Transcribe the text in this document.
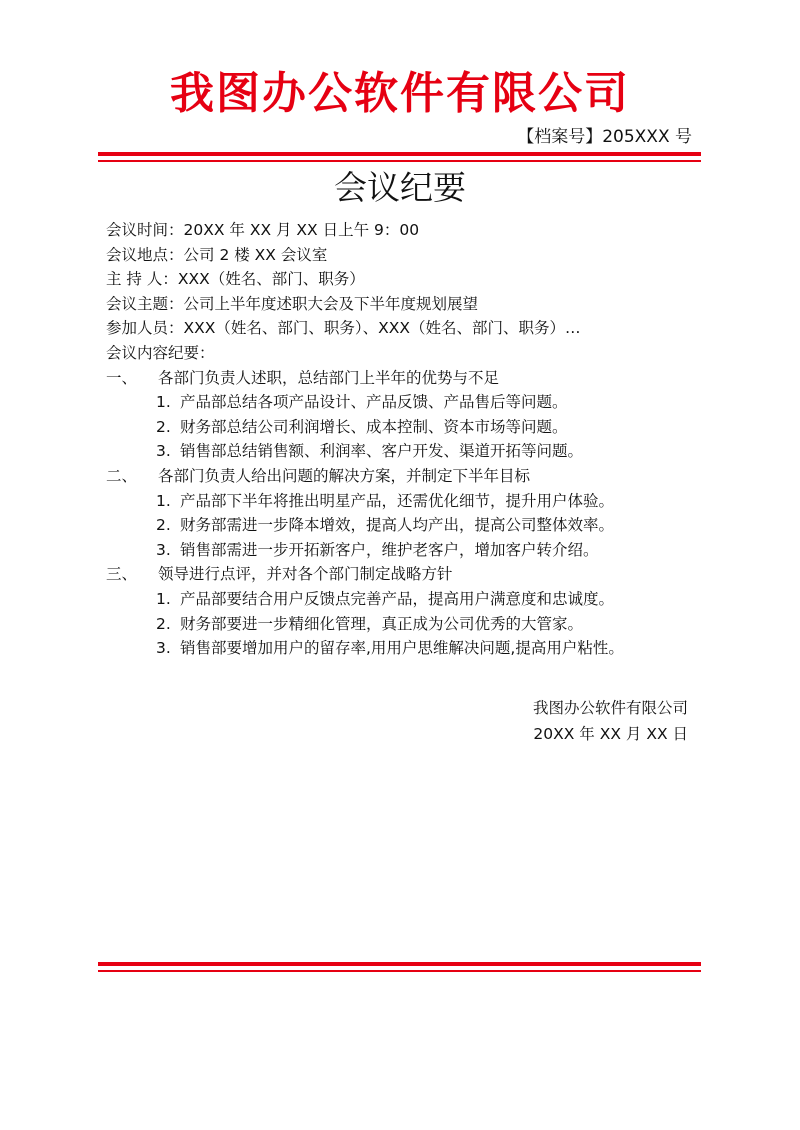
我图办公软件有限公司
【档案号】205XXX 号
会议纪要
会议时间：20XX 年 XX 月 XX 日上午 9：00
会议地点：公司 2 楼 XX 会议室
主 持 人：XXX（姓名、部门、职务）
会议主题：公司上半年度述职大会及下半年度规划展望
参加人员：XXX（姓名、部门、职务）、XXX（姓名、部门、职务）…
会议内容纪要：
一、 各部门负责人述职，总结部门上半年的优势与不足
1. 产品部总结各项产品设计、产品反馈、产品售后等问题。
2. 财务部总结公司利润增长、成本控制、资本市场等问题。
3. 销售部总结销售额、利润率、客户开发、渠道开拓等问题。
二、 各部门负责人给出问题的解决方案，并制定下半年目标
1. 产品部下半年将推出明星产品，还需优化细节，提升用户体验。
2. 财务部需进一步降本增效，提高人均产出，提高公司整体效率。
3. 销售部需进一步开拓新客户，维护老客户，增加客户转介绍。
三、 领导进行点评，并对各个部门制定战略方针
1. 产品部要结合用户反馈点完善产品，提高用户满意度和忠诚度。
2. 财务部要进一步精细化管理，真正成为公司优秀的大管家。
3. 销售部要增加用户的留存率,用用户思维解决问题,提高用户粘性。
我图办公软件有限公司
20XX 年 XX 月 XX 日
